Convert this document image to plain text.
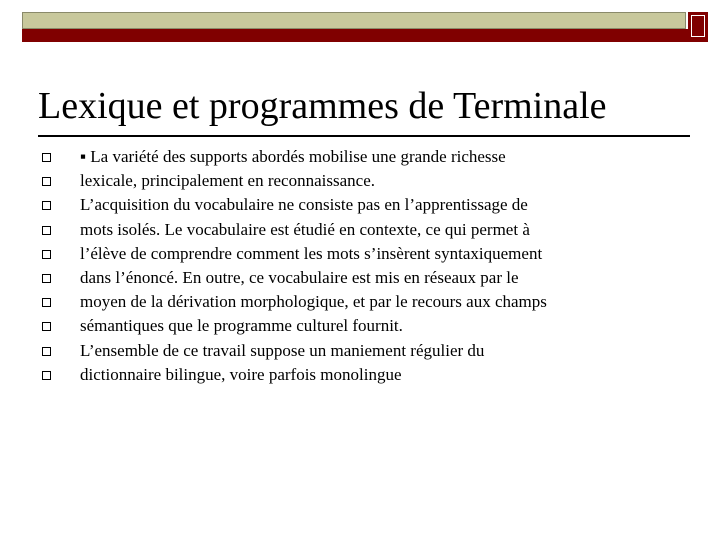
Lexique et programmes de Terminale
▪ La variété des supports abordés mobilise une grande richesse
lexicale, principalement en reconnaissance.
L’acquisition du vocabulaire ne consiste pas en l’apprentissage de
mots isolés. Le vocabulaire est étudié en contexte, ce qui permet à
l’élève de comprendre comment les mots s’insèrent syntaxiquement
dans l’énoncé. En outre, ce vocabulaire est mis en réseaux par le
moyen de la dérivation morphologique, et par le recours aux champs
sémantiques que le programme culturel fournit.
L’ensemble de ce travail suppose un maniement régulier du
dictionnaire bilingue, voire parfois monolingue
